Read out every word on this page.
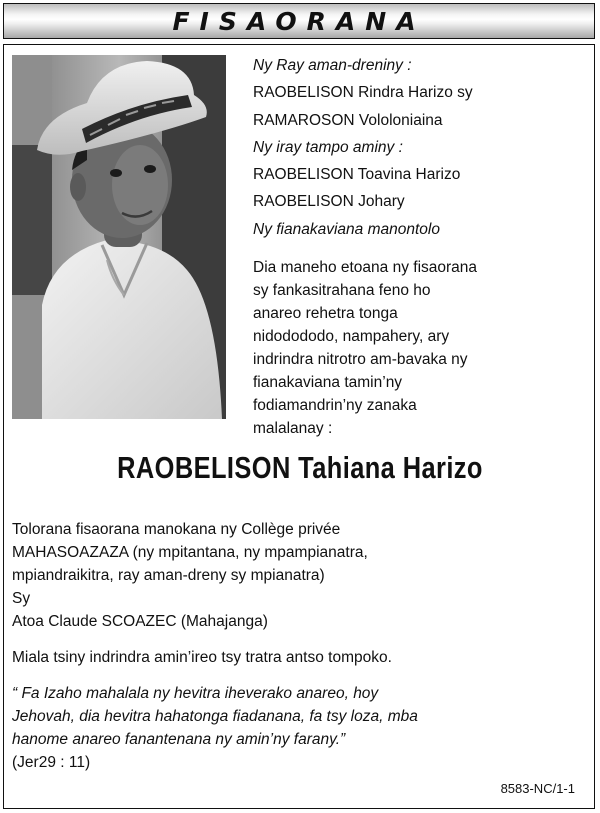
FISAORANA
Ny Ray aman-dreniny :
RAOBELISON Rindra Harizo sy
RAMAROSON Vololoniaina
Ny iray tampo aminy :
RAOBELISON Toavina Harizo
RAOBELISON Johary
Ny fianakaviana manontolo
Dia maneho etoana ny fisaorana
sy fankasitrahana feno ho
anareo rehetra tonga
nidodododo, nampahery, ary
indrindra nitrotro am-bavaka ny
fianakaviana tamin’ny
fodiamandrin’ny zanaka
malalanay :
RAOBELISON Tahiana Harizo
Tolorana fisaorana manokana ny Collège privée
MAHASOAZAZA (ny mpitantana, ny mpampianatra,
mpiandraikitra, ray aman-dreny sy mpianatra)
Sy
Atoa Claude SCOAZEC (Mahajanga)
Miala tsiny indrindra amin’ireo tsy tratra antso tompoko.
“ Fa Izaho mahalala ny hevitra iheverako anareo, hoy
Jehovah, dia hevitra hahatonga fiadanana, fa tsy loza, mba
hanome anareo fanantenana ny amin’ny farany.”
(Jer29 : 11)
8583-NC/1-1
